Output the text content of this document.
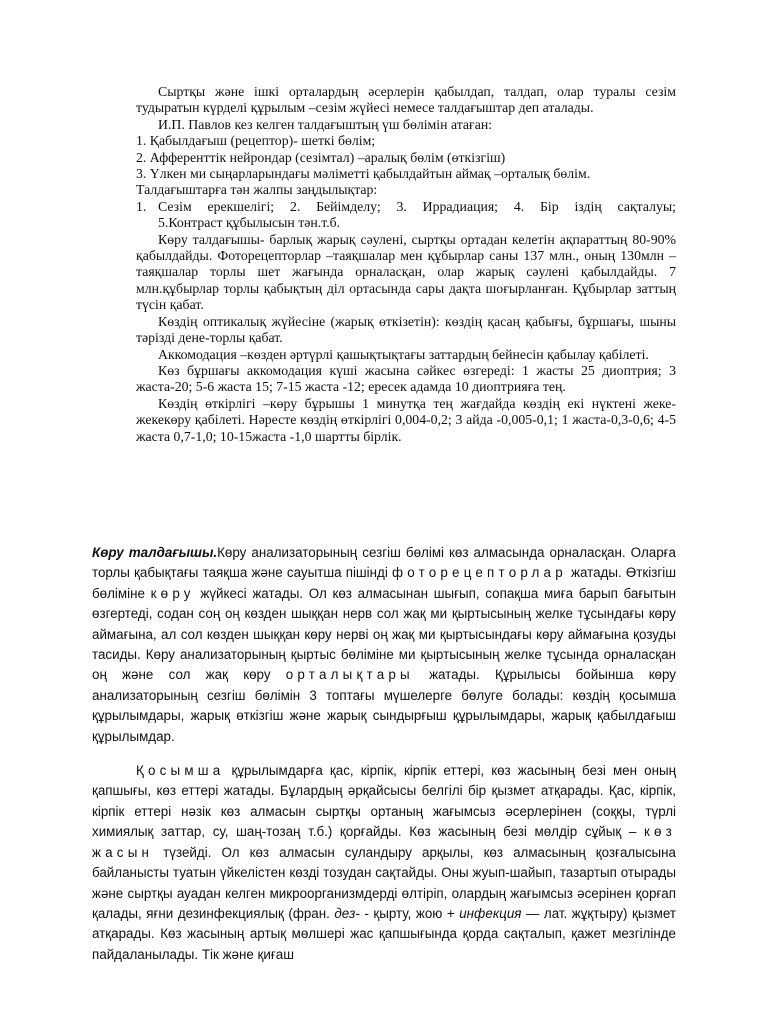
Сыртқы және ішкі орталардың әсерлерін қабылдап, талдап, олар туралы сезім тудыратын күрделі құрылым –сезім жүйесі немесе талдағыштар деп аталады.

И.П. Павлов кез келген талдағыштың үш бөлімін атаған:

1. Қабылдағыш (рецептор)- шеткі бөлім;

2. Афференттік нейрондар (сезімтал) –аралық бөлім (өткізгіш)

3. Үлкен ми сыңарларындағы мәліметті қабылдайтын аймақ –орталық бөлім.

Талдағыштарға тән жалпы заңдылықтар:

1. Сезім ерекшелігі; 2. Бейімделу; 3. Иррадиация; 4. Бір іздің сақталуы;

5.Контраст құбылысын тән.т.б.

Көру талдағышы- барлық жарық сәулені, сыртқы ортадан келетін ақпараттың 80-90% қабылдайды. Фоторецепторлар –таяқшалар мен құбырлар саны 137 млн., оның 130млн –таяқшалар торлы шет жағында орналасқан, олар жарық сәулені қабылдайды. 7 млн.құбырлар торлы қабықтың діл ортасында сары дақта шоғырланған. Құбырлар заттың түсін қабат.

Көздің оптикалық жүйесіне (жарық өткізетін): көздің қасаң қабығы, бұршағы, шыны тәрізді дене-торлы қабат.

Аккомодация –көзден әртүрлі қашықтықтағы заттардың бейнесін қабылау қабілеті.

Көз бұршағы аккомодация күші жасына сәйкес өзгереді: 1 жасты 25 диоптрия; 3 жаста-20; 5-6 жаста 15; 7-15 жаста -12; ересек адамда 10 диоптрияға тең.

Көздің өткірлігі –көру бұрышы 1 минутқа тең жағдайда көздің екі нүктені жеке-жекекөру қабілеті. Нәресте көздің өткірлігі 0,004-0,2; 3 айда -0,005-0,1; 1 жаста-0,3-0,6; 4-5 жаста 0,7-1,0; 10-15жаста -1,0 шартты бірлік.

Көру талдағышы.Көру анализаторының сезгіш бөлімі көз алмасында орналасқан. Оларға торлы қабықтағы таяқша және сауытша пішінді фоторецепторлар жатады. Өткізгіш бөліміне көру жүйкесі жатады. Ол көз алмасынан шығып, сопақша миға барып бағытын өзгертеді, содан соң оң көзден шыққан нерв сол жақ ми қыртысының желке тұсындағы көру аймағына, ал сол көзден шыққан көру нерві оң жақ ми қыртысындағы көру аймағына қозуды тасиды. Көру анализаторының қыртыс бөліміне ми қыртысының желке тұсында орналасқан оң және сол жақ көру орталықтары жатады. Құрылысы бойынша көру анализаторының сезгіш бөлімін 3 топтағы мүшелерге бөлуге болады: көздің қосымша құрылымдары, жарық өткізгіш және жарық сындырғыш құрылымдары, жарық қабылдағыш құрылымдар.

Қосымша құрылымдарға қас, кірпік, кірпік еттері, көз жасының безі мен оның қапшығы, көз еттері жатады. Бұлардың әрқайсысы белгілі бір қызмет атқарады. Қас, кірпік, кірпік еттері нәзік көз алмасын сыртқы ортаның жағымсыз әсерлерінен (соққы, түрлі химиялық заттар, су, шаң-тозаң т.б.) қорғайды. Көз жасының безі мөлдір сұйық – көз жасын түзейді. Ол көз алмасын суландыру арқылы, көз алмасының қозғалысына байланысты туатын үйкелістен көзді тозудан сақтайды. Оны жуып-шайып, тазартып отырады және сыртқы ауадан келген микроорганизмдерді өлтіріп, олардың жағымсыз әсерінен қорғап қалады, яғни дезинфекциялық (фран. дез- - қырту, жою + инфекция — лат. жұқтыру) қызмет атқарады. Көз жасының артық мөлшері жас қапшығында қорда сақталып, қажет мезгілінде пайдаланылады. Тік және қиғаш
